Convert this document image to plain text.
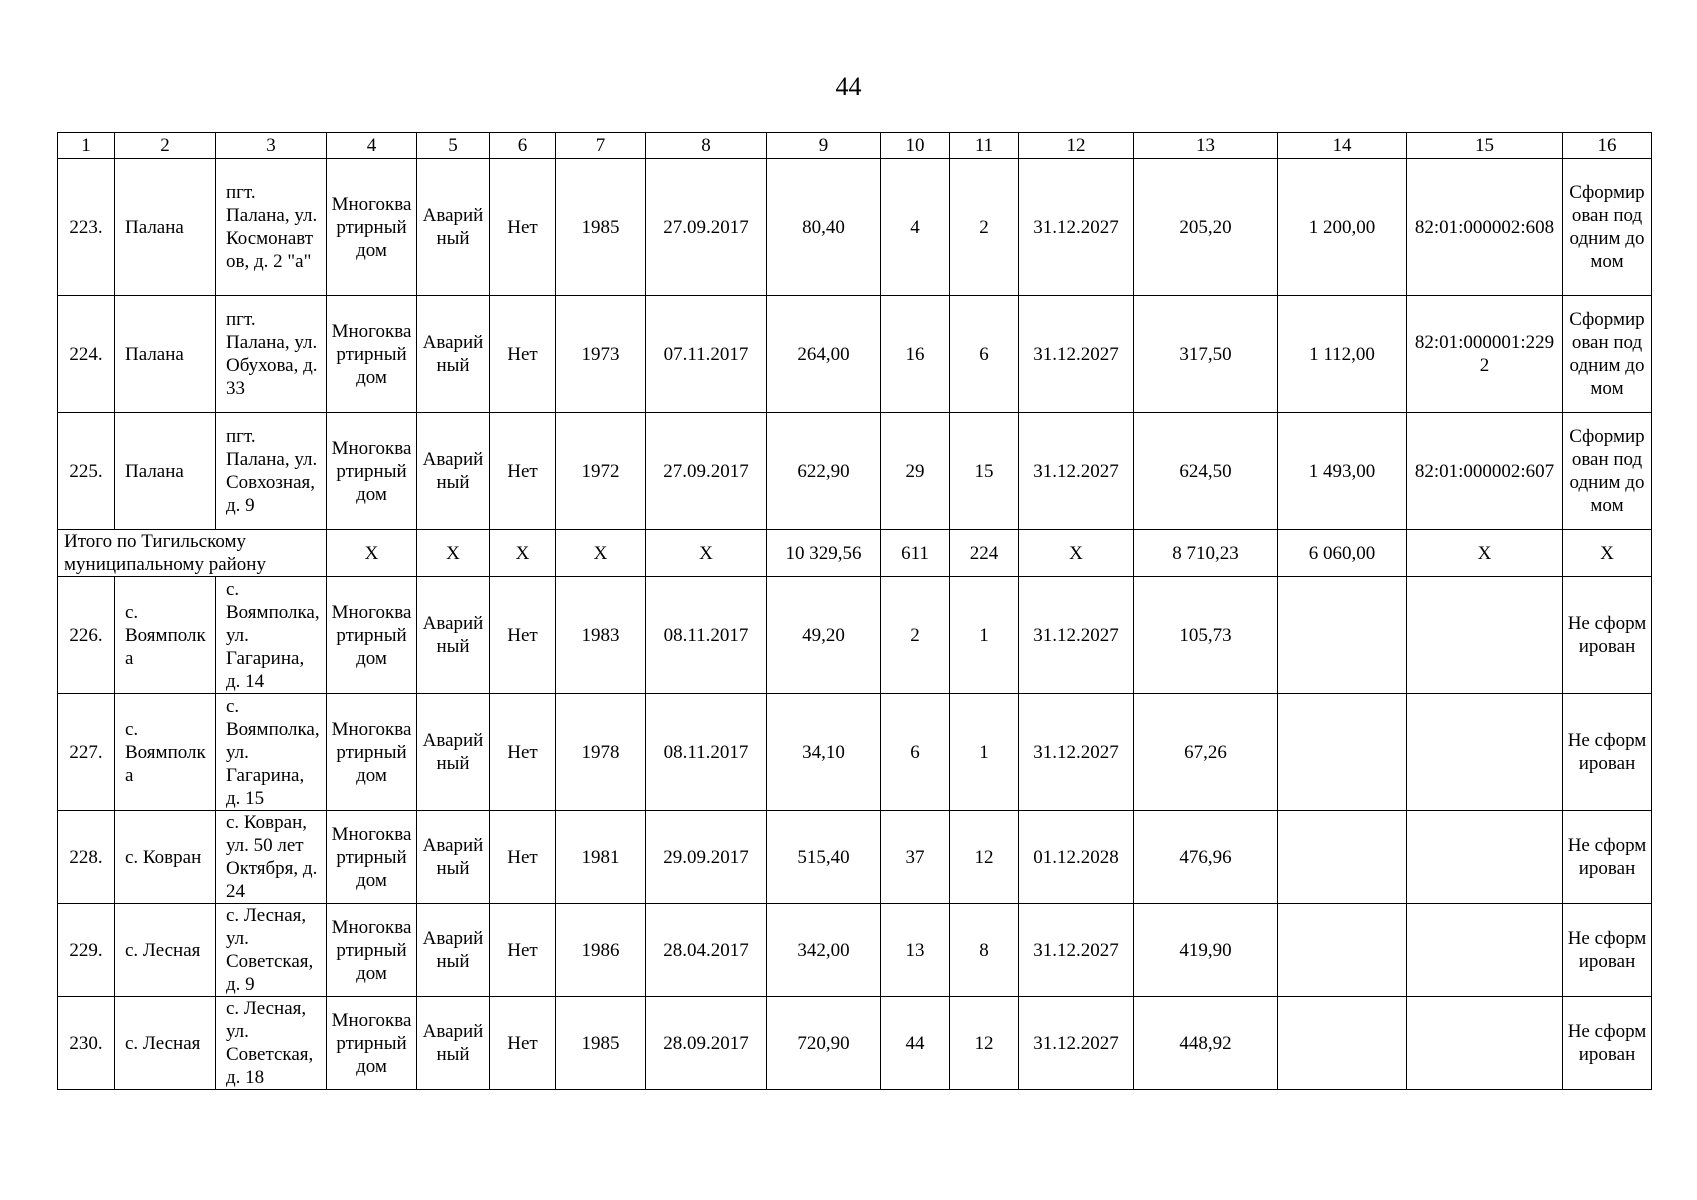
44
1	2	3	4	5	6	7	8	9	10	11	12	13	14	15	16
223.	Палана	пгт. Палана, ул. Космонавтов, д. 2 "а"	Многоквартирный дом	Аварийный	Нет	1985	27.09.2017	80,40	4	2	31.12.2027	205,20	1 200,00	82:01:000002:608	Сформирован под одним домом
224.	Палана	пгт. Палана, ул. Обухова, д. 33	Многоквартирный дом	Аварийный	Нет	1973	07.11.2017	264,00	16	6	31.12.2027	317,50	1 112,00	82:01:000001:2292	Сформирован под одним домом
225.	Палана	пгт. Палана, ул. Совхозная, д. 9	Многоквартирный дом	Аварийный	Нет	1972	27.09.2017	622,90	29	15	31.12.2027	624,50	1 493,00	82:01:000002:607	Сформирован под одним домом
Итого по Тигильскому муниципальному району			X	X	X	X	X	10 329,56	611	224	X	8 710,23	6 060,00	X	X
226.	с. Воямполка	с. Воямполка, ул. Гагарина, д. 14	Многоквартирный дом	Аварийный	Нет	1983	08.11.2017	49,20	2	1	31.12.2027	105,73			Не сформирован
227.	с. Воямполка	с. Воямполка, ул. Гагарина, д. 15	Многоквартирный дом	Аварийный	Нет	1978	08.11.2017	34,10	6	1	31.12.2027	67,26			Не сформирован
228.	с. Ковран	с. Ковран, ул. 50 лет Октября, д. 24	Многоквартирный дом	Аварийный	Нет	1981	29.09.2017	515,40	37	12	01.12.2028	476,96			Не сформирован
229.	с. Лесная	с. Лесная, ул. Советская, д. 9	Многоквартирный дом	Аварийный	Нет	1986	28.04.2017	342,00	13	8	31.12.2027	419,90			Не сформирован
230.	с. Лесная	с. Лесная, ул. Советская, д. 18	Многоквартирный дом	Аварийный	Нет	1985	28.09.2017	720,90	44	12	31.12.2027	448,92			Не сформирован
